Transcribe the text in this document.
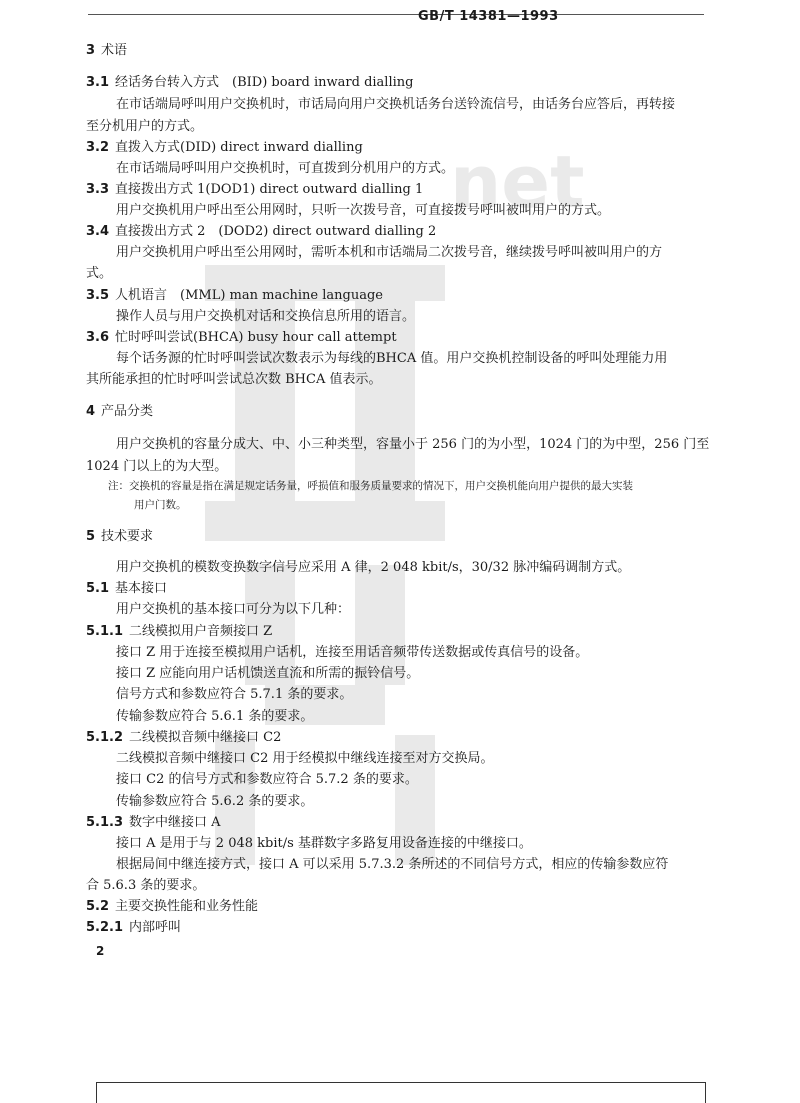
GB/T 14381—1993
net
3 术语
3.1 经话务台转入方式　(BID) board inward dialling
在市话端局呼叫用户交换机时，市话局向用户交换机话务台送铃流信号，由话务台应答后，再转接
至分机用户的方式。
3.2 直拨入方式(DID) direct inward dialling
在市话端局呼叫用户交换机时，可直拨到分机用户的方式。
3.3 直接拨出方式 1(DOD1) direct outward dialling 1
用户交换机用户呼出至公用网时，只听一次拨号音，可直接拨号呼叫被叫用户的方式。
3.4 直接拨出方式 2　(DOD2) direct outward dialling 2
用户交换机用户呼出至公用网时，需听本机和市话端局二次拨号音，继续拨号呼叫被叫用户的方
式。
3.5 人机语言　(MML) man machine language
操作人员与用户交换机对话和交换信息所用的语言。
3.6 忙时呼叫尝试(BHCA) busy hour call attempt
每个话务源的忙时呼叫尝试次数表示为每线的BHCA 值。用户交换机控制设备的呼叫处理能力用
其所能承担的忙时呼叫尝试总次数 BHCA 值表示。
4 产品分类
用户交换机的容量分成大、中、小三种类型，容量小于 256 门的为小型，1024 门的为中型，256 门至
1024 门以上的为大型。
注：交换机的容量是指在满足规定话务量，呼损值和服务质量要求的情况下，用户交换机能向用户提供的最大实装
用户门数。
5 技术要求
用户交换机的模数变换数字信号应采用 A 律，2 048 kbit/s，30/32 脉冲编码调制方式。
5.1 基本接口
用户交换机的基本接口可分为以下几种：
5.1.1 二线模拟用户音频接口 Z
接口 Z 用于连接至模拟用户话机，连接至用话音频带传送数据或传真信号的设备。
接口 Z 应能向用户话机馈送直流和所需的振铃信号。
信号方式和参数应符合 5.7.1 条的要求。
传输参数应符合 5.6.1 条的要求。
5.1.2 二线模拟音频中继接口 C2
二线模拟音频中继接口 C2 用于经模拟中继线连接至对方交换局。
接口 C2 的信号方式和参数应符合 5.7.2 条的要求。
传输参数应符合 5.6.2 条的要求。
5.1.3 数字中继接口 A
接口 A 是用于与 2 048 kbit/s 基群数字多路复用设备连接的中继接口。
根据局间中继连接方式，接口 A 可以采用 5.7.3.2 条所述的不同信号方式，相应的传输参数应符
合 5.6.3 条的要求。
5.2 主要交换性能和业务性能
5.2.1 内部呼叫
2
